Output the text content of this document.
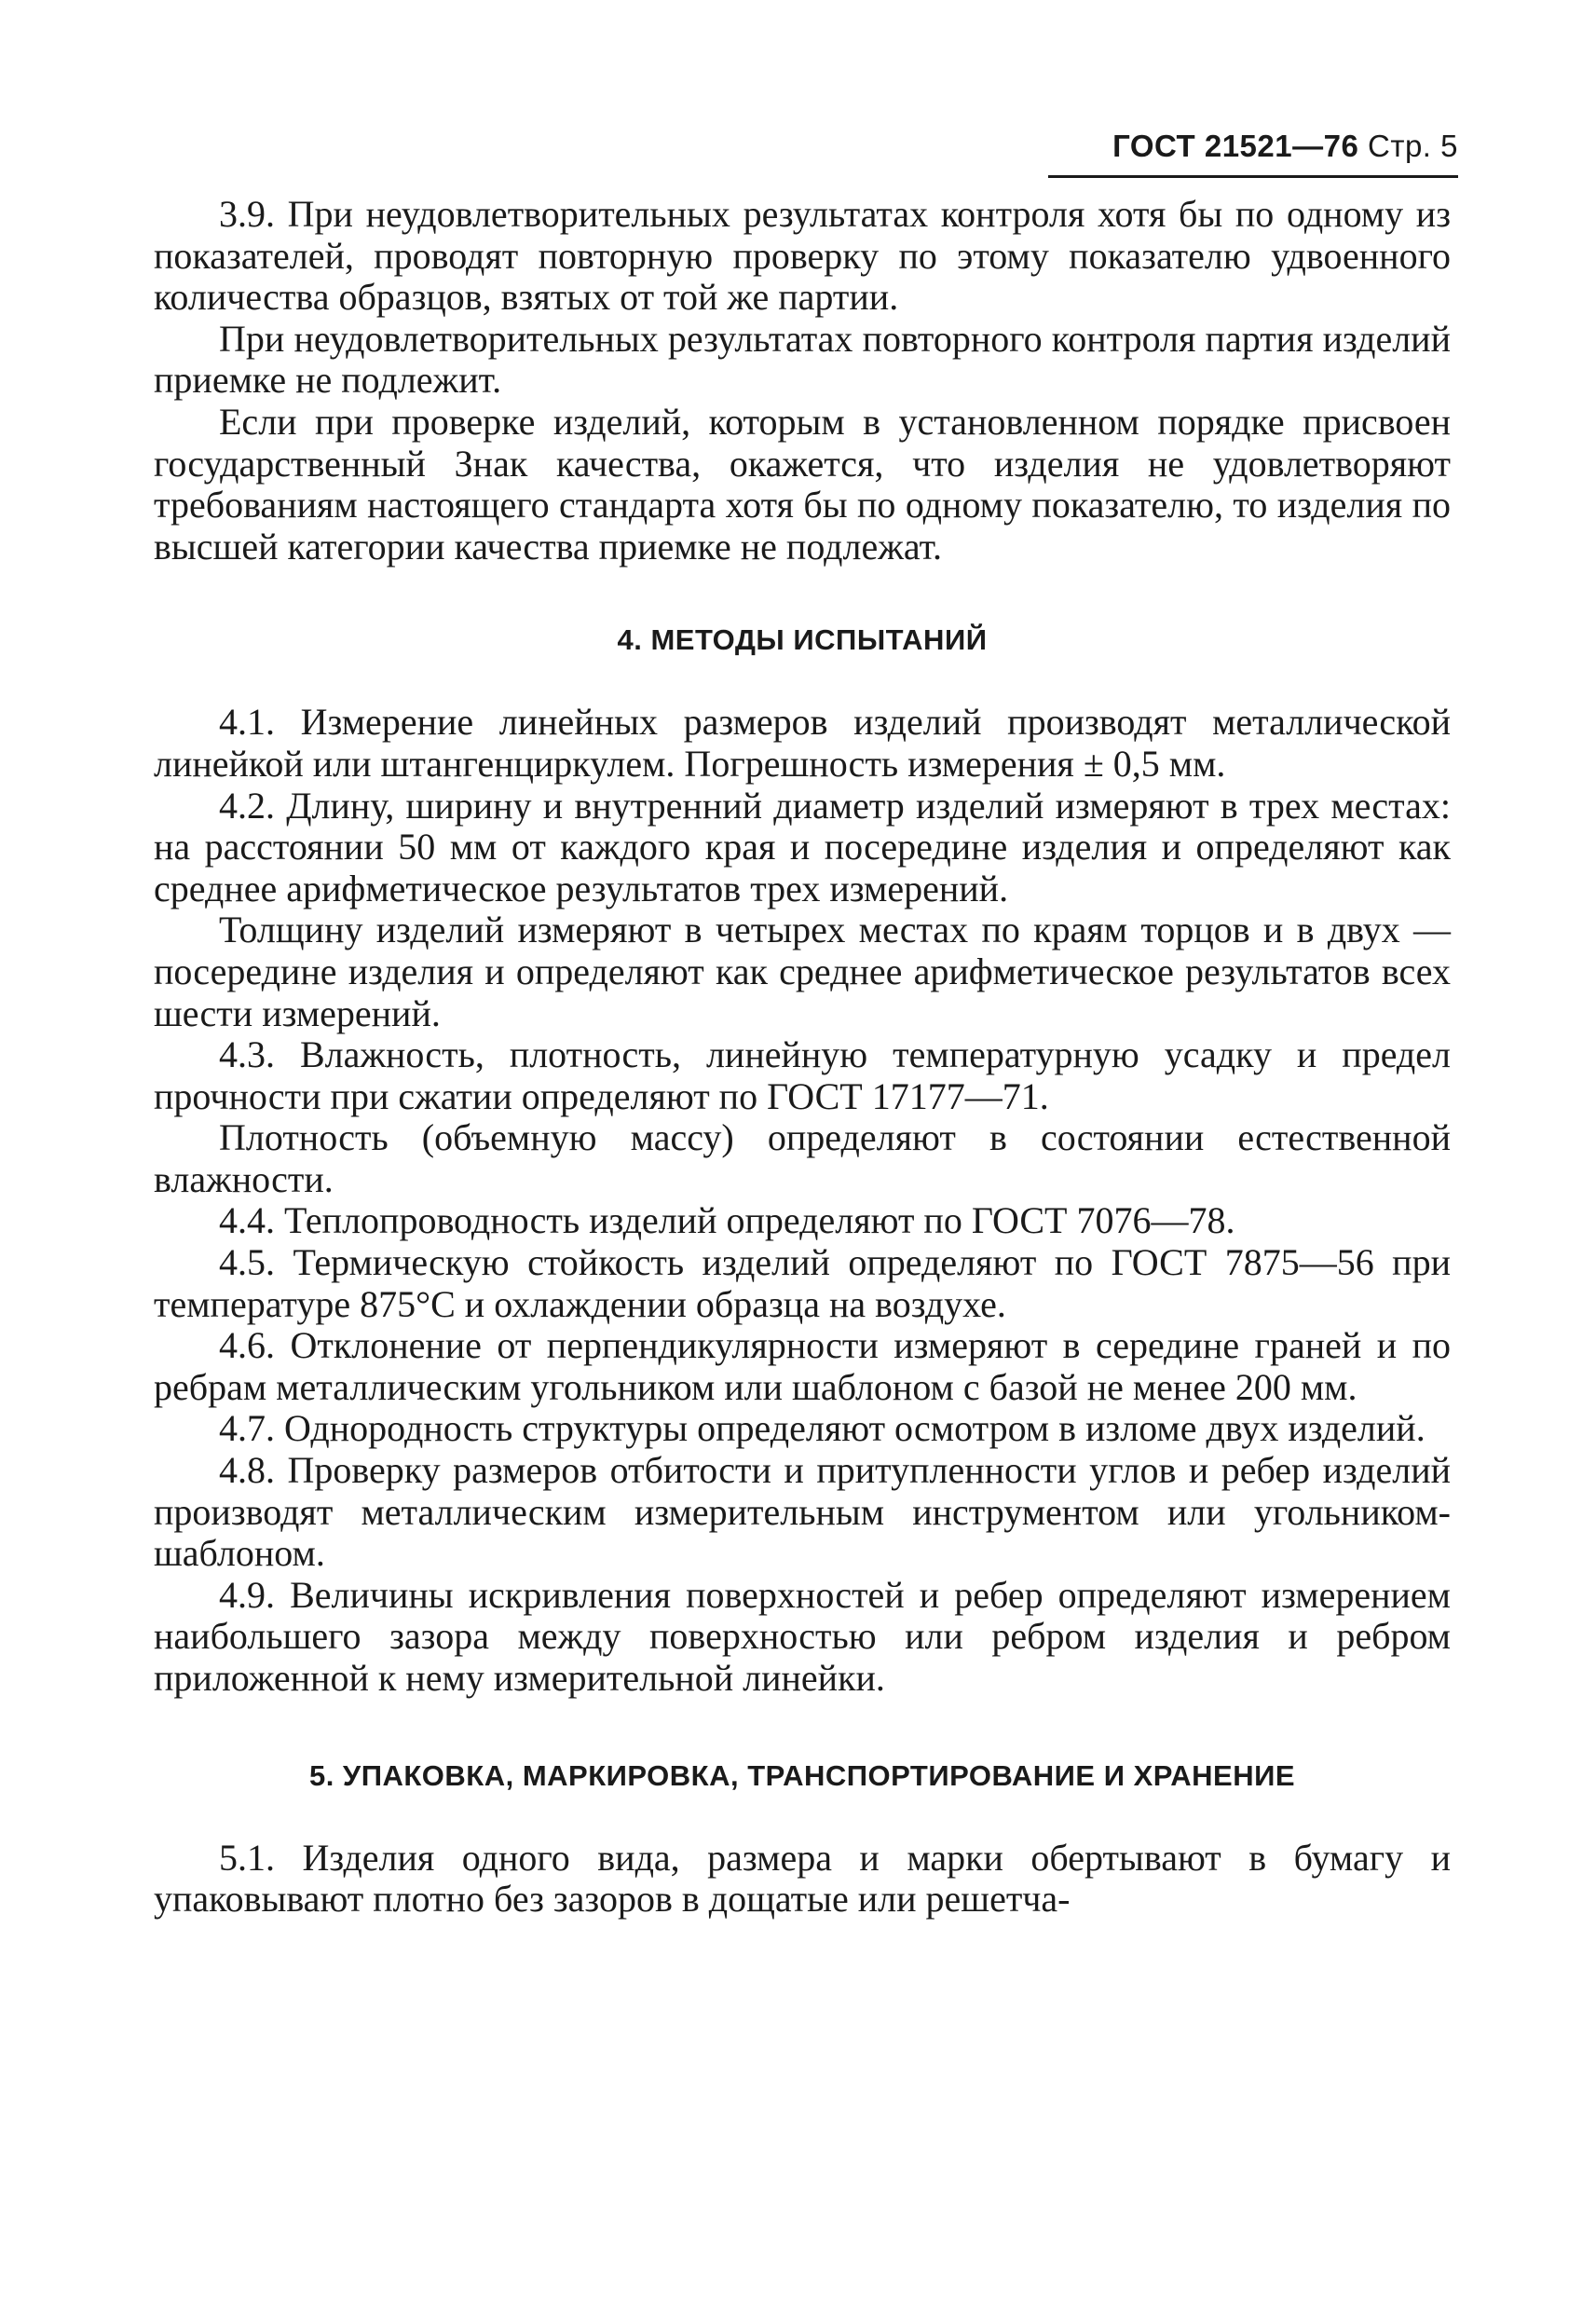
ГОСТ 21521—76 Стр. 5

3.9. При неудовлетворительных результатах контроля хотя бы по одному из показателей, проводят повторную проверку по этому показателю удвоенного количества образцов, взятых от той же партии.

При неудовлетворительных результатах повторного контроля партия изделий приемке не подлежит.

Если при проверке изделий, которым в установленном порядке присвоен государственный Знак качества, окажется, что изделия не удовлетворяют требованиям настоящего стандарта хотя бы по одному показателю, то изделия по высшей категории качества приемке не подлежат.

4. МЕТОДЫ ИСПЫТАНИЙ

4.1. Измерение линейных размеров изделий производят металлической линейкой или штангенциркулем. Погрешность измерения ± 0,5 мм.

4.2. Длину, ширину и внутренний диаметр изделий измеряют в трех местах: на расстоянии 50 мм от каждого края и посередине изделия и определяют как среднее арифметическое результатов трех измерений.

Толщину изделий измеряют в четырех местах по краям торцов и в двух — посередине изделия и определяют как среднее арифметическое результатов всех шести измерений.

4.3. Влажность, плотность, линейную температурную усадку и предел прочности при сжатии определяют по ГОСТ 17177—71.

Плотность (объемную массу) определяют в состоянии естественной влажности.

4.4. Теплопроводность изделий определяют по ГОСТ 7076—78.

4.5. Термическую стойкость изделий определяют по ГОСТ 7875—56 при температуре 875°С и охлаждении образца на воздухе.

4.6. Отклонение от перпендикулярности измеряют в середине граней и по ребрам металлическим угольником или шаблоном с базой не менее 200 мм.

4.7. Однородность структуры определяют осмотром в изломе двух изделий.

4.8. Проверку размеров отбитости и притупленности углов и ребер изделий производят металлическим измерительным инструментом или угольником-шаблоном.

4.9. Величины искривления поверхностей и ребер определяют измерением наибольшего зазора между поверхностью или ребром изделия и ребром приложенной к нему измерительной линейки.

5. УПАКОВКА, МАРКИРОВКА, ТРАНСПОРТИРОВАНИЕ И ХРАНЕНИЕ

5.1. Изделия одного вида, размера и марки обертывают в бумагу и упаковывают плотно без зазоров в дощатые или решетча-
